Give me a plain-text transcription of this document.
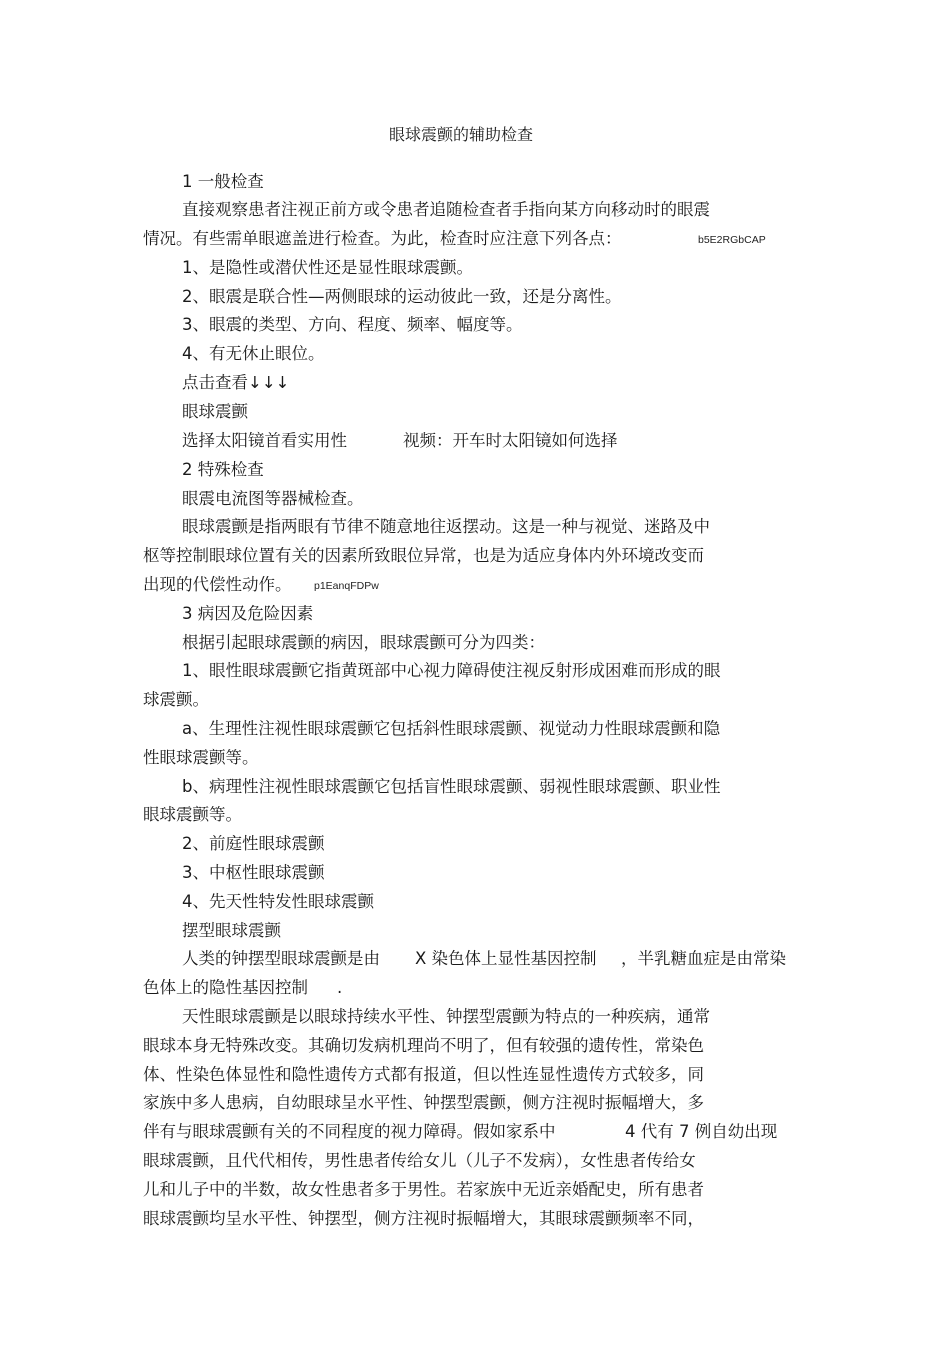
眼球震颤的辅助检查
1 一般检查
直接观察患者注视正前方或令患者追随检查者手指向某方向移动时的眼震
情况。有些需单眼遮盖进行检查。为此，检查时应注意下列各点：	b5E2RGbCAP
1、是隐性或潜伏性还是显性眼球震颤。
2、眼震是联合性—两侧眼球的运动彼此一致，还是分离性。
3、眼震的类型、方向、程度、频率、幅度等。
4、有无休止眼位。
点击查看↓↓↓
眼球震颤
选择太阳镜首看实用性	视频：开车时太阳镜如何选择
2 特殊检查
眼震电流图等器械检查。
眼球震颤是指两眼有节律不随意地往返摆动。这是一种与视觉、迷路及中
枢等控制眼球位置有关的因素所致眼位异常，也是为适应身体内外环境改变而
出现的代偿性动作。 p1EanqFDPw
3 病因及危险因素
根据引起眼球震颤的病因，眼球震颤可分为四类：
1、眼性眼球震颤它指黄斑部中心视力障碍使注视反射形成困难而形成的眼
球震颤。
a、生理性注视性眼球震颤它包括斜性眼球震颤、视觉动力性眼球震颤和隐
性眼球震颤等。
b、病理性注视性眼球震颤它包括盲性眼球震颤、弱视性眼球震颤、职业性
眼球震颤等。
2、前庭性眼球震颤
3、中枢性眼球震颤
4、先天性特发性眼球震颤
摆型眼球震颤
人类的钟摆型眼球震颤是由 X 染色体上显性基因控制 ，半乳糖血症是由常染
色体上的隐性基因控制 .
天性眼球震颤是以眼球持续水平性、钟摆型震颤为特点的一种疾病，通常
眼球本身无特殊改变。其确切发病机理尚不明了，但有较强的遗传性，常染色
体、性染色体显性和隐性遗传方式都有报道，但以性连显性遗传方式较多，同
家族中多人患病，自幼眼球呈水平性、钟摆型震颤，侧方注视时振幅增大，多
伴有与眼球震颤有关的不同程度的视力障碍。假如家系中	4 代有 7 例自幼出现
眼球震颤，且代代相传，男性患者传给女儿（儿子不发病），女性患者传给女
儿和儿子中的半数，故女性患者多于男性。若家族中无近亲婚配史，所有患者
眼球震颤均呈水平性、钟摆型，侧方注视时振幅增大，其眼球震颤频率不同，
